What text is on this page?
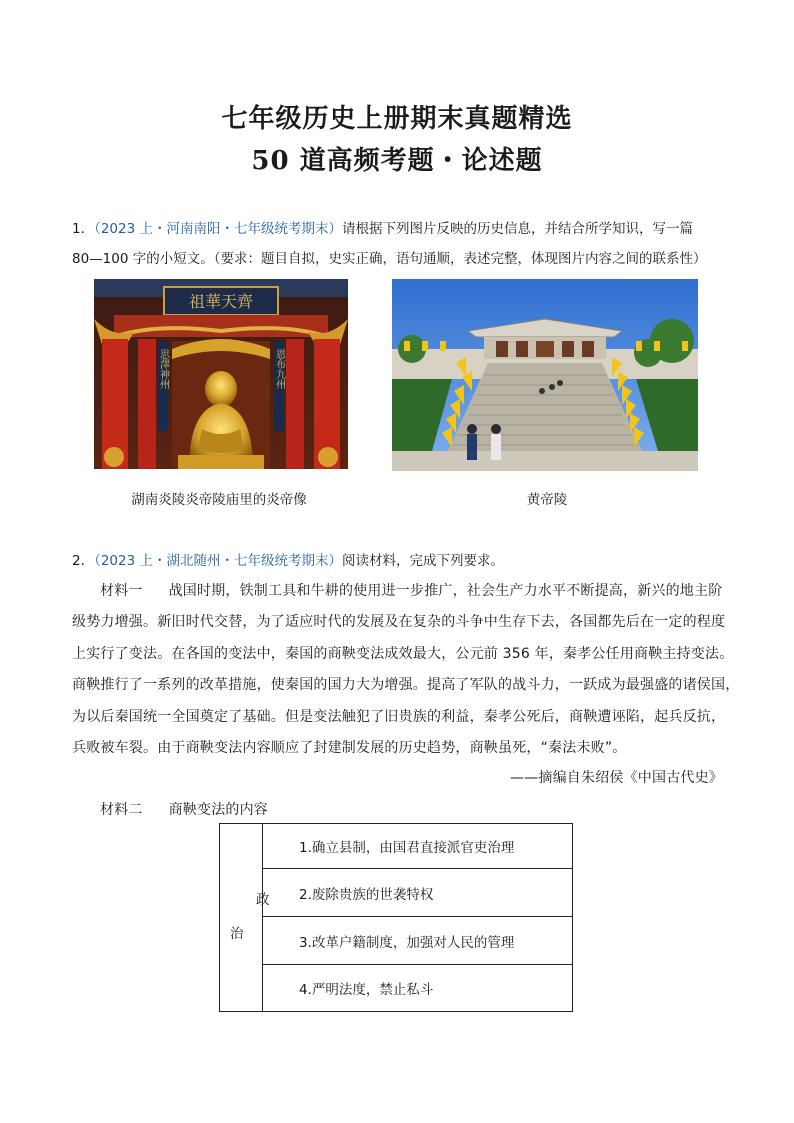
七年级历史上册期末真题精选
50 道高频考题・论述题
1．（2023 上・河南南阳・七年级统考期末）请根据下列图片反映的历史信息，并结合所学知识，写一篇
80—100 字的小短文。（要求：题目自拟，史实正确，语句通顺，表述完整，体现图片内容之间的联系性）
祖華天齊
思澤神州	恩布九州
湖南炎陵炎帝陵庙里的炎帝像	黄帝陵
2．（2023 上・湖北随州・七年级统考期末）阅读材料，完成下列要求。
材料一 战国时期，铁制工具和牛耕的使用进一步推广，社会生产力水平不断提高，新兴的地主阶
级势力增强。新旧时代交替，为了适应时代的发展及在复杂的斗争中生存下去，各国都先后在一定的程度
上实行了变法。在各国的变法中，秦国的商鞅变法成效最大，公元前 356 年，秦孝公任用商鞅主持变法。
商鞅推行了一系列的改革措施，使秦国的国力大为增强。提高了军队的战斗力，一跃成为最强盛的诸侯国，
为以后秦国统一全国奠定了基础。但是变法触犯了旧贵族的利益，秦孝公死后，商鞅遭诬陷，起兵反抗，
兵败被车裂。由于商鞅变法内容顺应了封建制发展的历史趋势，商鞅虽死，“秦法未败”。
——摘编自朱绍侯《中国古代史》
材料二 商鞅变法的内容
政
治
	1.确立县制，由国君直接派官吏治理
2.废除贵族的世袭特权
3.改革户籍制度，加强对人民的管理
4.严明法度，禁止私斗
